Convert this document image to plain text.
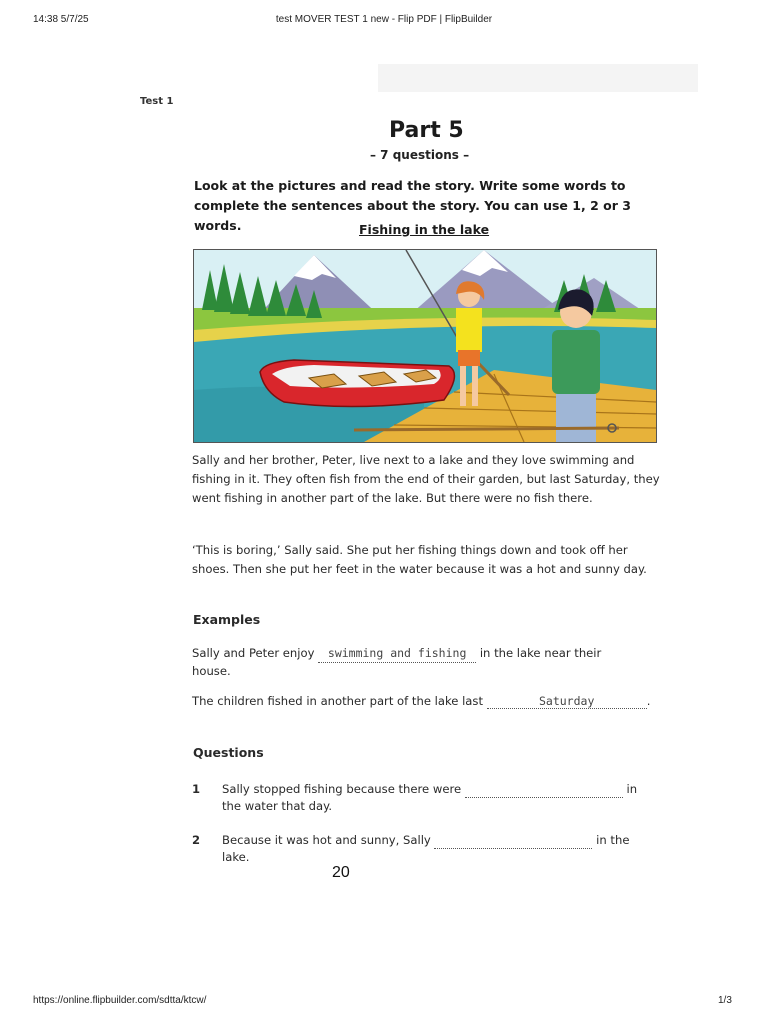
14:38 5/7/25	test MOVER TEST 1 new - Flip PDF | FlipBuilder
Test 1
Part 5
– 7 questions –
Look at the pictures and read the story. Write some words to complete the sentences about the story. You can use 1, 2 or 3 words.	Fishing in the lake
Sally and her brother, Peter, live next to a lake and they love swimming and fishing in it. They often fish from the end of their garden, but last Saturday, they went fishing in another part of the lake. But there were no fish there.
‘This is boring,’ Sally said. She put her fishing things down and took off her shoes. Then she put her feet in the water because it was a hot and sunny day.
Examples
Sally and Peter enjoy swimming and fishing in the lake near their house.
The children fished in another part of the lake last	Saturday	.
Questions
1 Sally stopped fishing because there were	in the water that day.
2 Because it was hot and sunny, Sally	in the lake.
20
https://online.flipbuilder.com/sdtta/ktcw/	1/3
